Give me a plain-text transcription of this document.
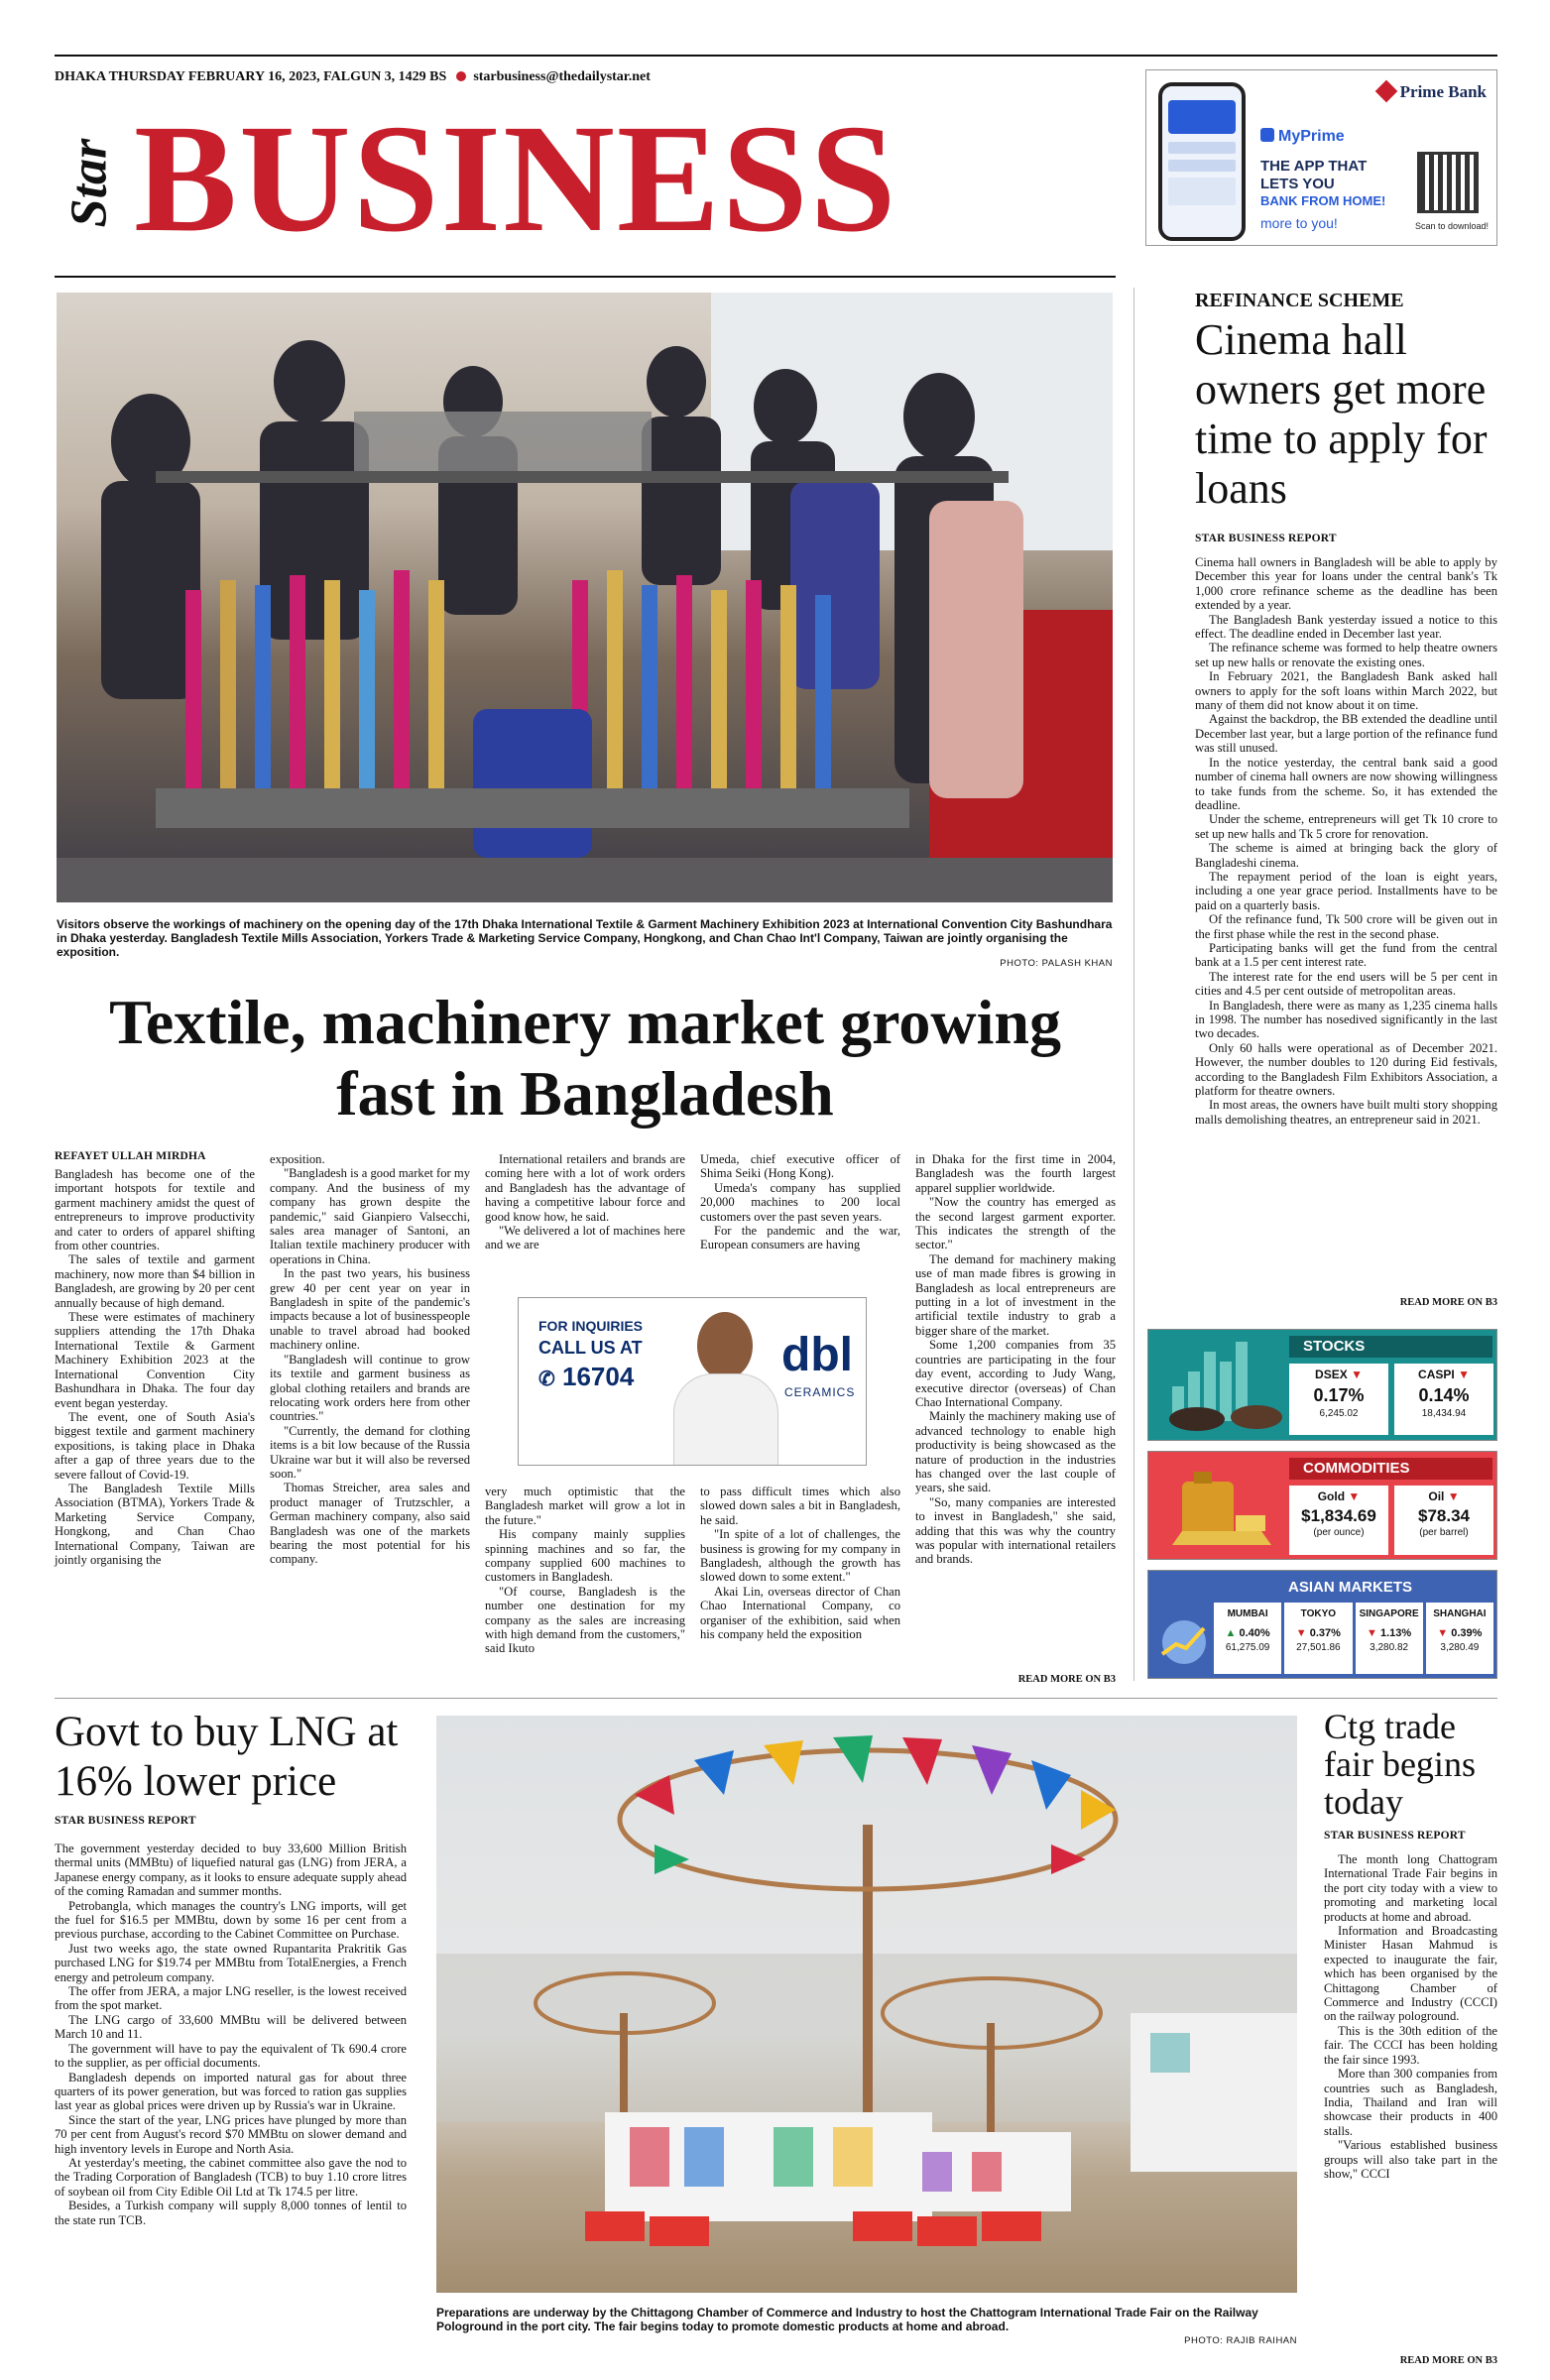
DHAKA THURSDAY FEBRUARY 16, 2023, FALGUN 3, 1429 BS starbusiness@thedailystar.net
Star BUSINESS
Prime Bank
MyPrime
THE APP THAT
LETS YOU
BANK FROM HOME!
more to you!	Scan to download!
Visitors observe the workings of machinery on the opening day of the 17th Dhaka International Textile & Garment Machinery Exhibition 2023 at International Convention City Bashundhara in Dhaka yesterday. Bangladesh Textile Mills Association, Yorkers Trade & Marketing Service Company, Hongkong, and Chan Chao Int'l Company, Taiwan are jointly organising the exposition.
PHOTO: PALASH KHAN
Textile, machinery market growing fast in Bangladesh
REFAYET ULLAH MIRDHA

Bangladesh has become one of the important hotspots for textile and garment machinery amidst the quest of entrepreneurs to improve productivity and cater to orders of apparel shifting from other countries.

The sales of textile and garment machinery, now more than $4 billion in Bangladesh, are growing by 20 per cent annually because of high demand.

These were estimates of machinery suppliers attending the 17th Dhaka International Textile & Garment Machinery Exhibition 2023 at the International Convention City Bashundhara in Dhaka. The four day event began yesterday.

The event, one of South Asia's biggest textile and garment machinery expositions, is taking place in Dhaka after a gap of three years due to the severe fallout of Covid-19.

The Bangladesh Textile Mills Association (BTMA), Yorkers Trade & Marketing Service Company, Hongkong, and Chan Chao International Company, Taiwan are jointly organising the

exposition.

"Bangladesh is a good market for my company. And the business of my company has grown despite the pandemic," said Gianpiero Valsecchi, sales area manager of Santoni, an Italian textile machinery producer with operations in China.

In the past two years, his business grew 40 per cent year on year in Bangladesh in spite of the pandemic's impacts because a lot of businesspeople unable to travel abroad had booked machinery online.

"Bangladesh will continue to grow its textile and garment business as global clothing retailers and brands are relocating work orders here from other countries."

"Currently, the demand for clothing items is a bit low because of the Russia Ukraine war but it will also be reversed soon."

Thomas Streicher, area sales and product manager of Trutzschler, a German machinery company, also said Bangladesh was one of the markets bearing the most potential for his company.

International retailers and brands are coming here with a lot of work orders and Bangladesh has the advantage of having a competitive labour force and good know how, he said.

"We delivered a lot of machines here and we are

Umeda, chief executive officer of Shima Seiki (Hong Kong).

Umeda's company has supplied 20,000 machines to 200 local customers over the past seven years.

For the pandemic and the war, European consumers are having

FOR INQUIRIES
CALL US AT
✆ 16704	dbl
CERAMICS

very much optimistic that the Bangladesh market will grow a lot in the future."

His company mainly supplies spinning machines and so far, the company supplied 600 machines to customers in Bangladesh.

"Of course, Bangladesh is the number one destination for my company as the sales are increasing with high demand from the customers," said Ikuto

to pass difficult times which also slowed down sales a bit in Bangladesh, he said.

"In spite of a lot of challenges, the business is growing for my company in Bangladesh, although the growth has slowed down to some extent."

Akai Lin, overseas director of Chan Chao International Company, co organiser of the exhibition, said when his company held the exposition

in Dhaka for the first time in 2004, Bangladesh was the fourth largest apparel supplier worldwide.

"Now the country has emerged as the second largest garment exporter. This indicates the strength of the sector."

The demand for machinery making use of man made fibres is growing in Bangladesh as local entrepreneurs are putting in a lot of investment in the artificial textile industry to grab a bigger share of the market.

Some 1,200 companies from 35 countries are participating in the four day event, according to Judy Wang, executive director (overseas) of Chan Chao International Company.

Mainly the machinery making use of advanced technology to enable high productivity is being showcased as the nature of production in the industries has changed over the last couple of years, she said.

"So, many companies are interested to invest in Bangladesh," she said, adding that this was why the country was popular with international retailers and brands.

READ MORE ON B3
REFINANCE SCHEME
Cinema hall owners get more time to apply for loans
STAR BUSINESS REPORT

Cinema hall owners in Bangladesh will be able to apply by December this year for loans under the central bank's Tk 1,000 crore refinance scheme as the deadline has been extended by a year.

The Bangladesh Bank yesterday issued a notice to this effect. The deadline ended in December last year.

The refinance scheme was formed to help theatre owners set up new halls or renovate the existing ones.

In February 2021, the Bangladesh Bank asked hall owners to apply for the soft loans within March 2022, but many of them did not know about it on time.

Against the backdrop, the BB extended the deadline until December last year, but a large portion of the refinance fund was still unused.

In the notice yesterday, the central bank said a good number of cinema hall owners are now showing willingness to take funds from the scheme. So, it has extended the deadline.

Under the scheme, entrepreneurs will get Tk 10 crore to set up new halls and Tk 5 crore for renovation.

The scheme is aimed at bringing back the glory of Bangladeshi cinema.

The repayment period of the loan is eight years, including a one year grace period. Installments have to be paid on a quarterly basis.

Of the refinance fund, Tk 500 crore will be given out in the first phase while the rest in the second phase.

Participating banks will get the fund from the central bank at a 1.5 per cent interest rate.

The interest rate for the end users will be 5 per cent in cities and 4.5 per cent outside of metropolitan areas.

In Bangladesh, there were as many as 1,235 cinema halls in 1998. The number has nosedived significantly in the last two decades.

Only 60 halls were operational as of December 2021. However, the number doubles to 120 during Eid festivals, according to the Bangladesh Film Exhibitors Association, a platform for theatre owners.

In most areas, the owners have built multi story shopping malls demolishing theatres, an entrepreneur said in 2021.

READ MORE ON B3
STOCKS
DSEX ▼
0.17%
6,245.02
CASPI ▼
0.14%
18,434.94
COMMODITIES
Gold ▼
$1,834.69
(per ounce)
Oil ▼
$78.34
(per barrel)
ASIAN MARKETS
MUMBAI
▲ 0.40%
61,275.09
TOKYO
▼ 0.37%
27,501.86
SINGAPORE
▼ 1.13%
3,280.82
SHANGHAI
▼ 0.39%
3,280.49
Govt to buy LNG at 16% lower price
STAR BUSINESS REPORT

The government yesterday decided to buy 33,600 Million British thermal units (MMBtu) of liquefied natural gas (LNG) from JERA, a Japanese energy company, as it looks to ensure adequate supply ahead of the coming Ramadan and summer months.

Petrobangla, which manages the country's LNG imports, will get the fuel for $16.5 per MMBtu, down by some 16 per cent from a previous purchase, according to the Cabinet Committee on Purchase.

Just two weeks ago, the state owned Rupantarita Prakritik Gas purchased LNG for $19.74 per MMBtu from TotalEnergies, a French energy and petroleum company.

The offer from JERA, a major LNG reseller, is the lowest received from the spot market.

The LNG cargo of 33,600 MMBtu will be delivered between March 10 and 11.

The government will have to pay the equivalent of Tk 690.4 crore to the supplier, as per official documents.

Bangladesh depends on imported natural gas for about three quarters of its power generation, but was forced to ration gas supplies last year as global prices were driven up by Russia's war in Ukraine.

Since the start of the year, LNG prices have plunged by more than 70 per cent from August's record $70 MMBtu on slower demand and high inventory levels in Europe and North Asia.

At yesterday's meeting, the cabinet committee also gave the nod to the Trading Corporation of Bangladesh (TCB) to buy 1.10 crore litres of soybean oil from City Edible Oil Ltd at Tk 174.5 per litre.

Besides, a Turkish company will supply 8,000 tonnes of lentil to the state run TCB.

Preparations are underway by the Chittagong Chamber of Commerce and Industry to host the Chattogram International Trade Fair on the Railway Pologround in the port city. The fair begins today to promote domestic products at home and abroad.
PHOTO: RAJIB RAIHAN
Ctg trade fair begins today
STAR BUSINESS REPORT

The month long Chattogram International Trade Fair begins in the port city today with a view to promoting and marketing local products at home and abroad.

Information and Broadcasting Minister Hasan Mahmud is expected to inaugurate the fair, which has been organised by the Chittagong Chamber of Commerce and Industry (CCCI) on the railway pologround.

This is the 30th edition of the fair. The CCCI has been holding the fair since 1993.

More than 300 companies from countries such as Bangladesh, India, Thailand and Iran will showcase their products in 400 stalls.

"Various established business groups will also take part in the show," CCCI

READ MORE ON B3
